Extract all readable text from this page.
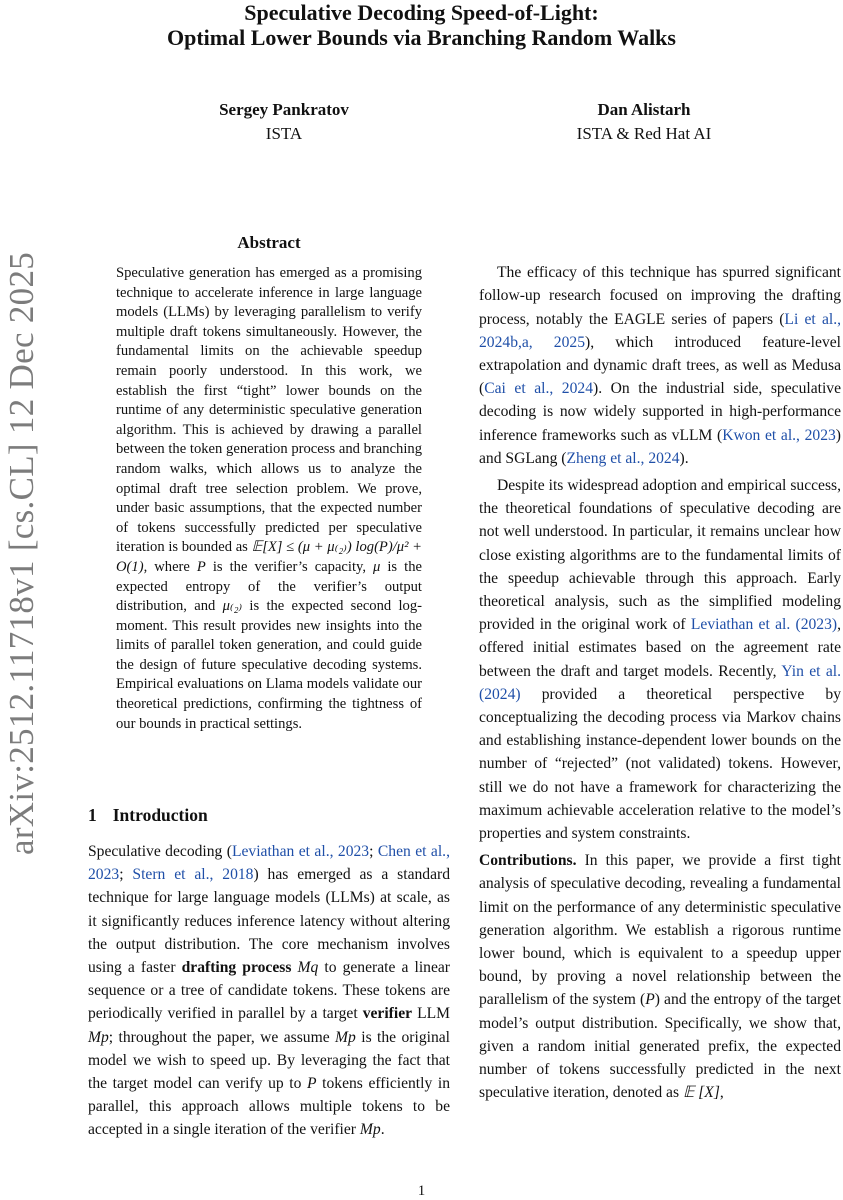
Speculative Decoding Speed-of-Light:
Optimal Lower Bounds via Branching Random Walks
Sergey Pankratov
ISTA
Dan Alistarh
ISTA & Red Hat AI
arXiv:2512.11718v1 [cs.CL] 12 Dec 2025
Abstract
Speculative generation has emerged as a promising technique to accelerate inference in large language models (LLMs) by leveraging parallelism to verify multiple draft tokens simultaneously. However, the fundamental limits on the achievable speedup remain poorly understood. In this work, we establish the first “tight” lower bounds on the runtime of any deterministic speculative generation algorithm. This is achieved by drawing a parallel between the token generation process and branching random walks, which allows us to analyze the optimal draft tree selection problem. We prove, under basic assumptions, that the expected number of tokens successfully predicted per speculative iteration is bounded as 𝔼[X] ≤ (μ + μ₍₂₎) log(P)/μ² + O(1), where P is the verifier’s capacity, μ is the expected entropy of the verifier’s output distribution, and μ₍₂₎ is the expected second log-moment. This result provides new insights into the limits of parallel token generation, and could guide the design of future speculative decoding systems. Empirical evaluations on Llama models validate our theoretical predictions, confirming the tightness of our bounds in practical settings.
1 Introduction
Speculative decoding (Leviathan et al., 2023; Chen et al., 2023; Stern et al., 2018) has emerged as a standard technique for large language models (LLMs) at scale, as it significantly reduces inference latency without altering the output distribution. The core mechanism involves using a faster drafting process Mq to generate a linear sequence or a tree of candidate tokens. These tokens are periodically verified in parallel by a target verifier LLM Mp; throughout the paper, we assume Mp is the original model we wish to speed up. By leveraging the fact that the target model can verify up to P tokens efficiently in parallel, this approach allows multiple tokens to be accepted in a single iteration of the verifier Mp.

The efficacy of this technique has spurred significant follow-up research focused on improving the drafting process, notably the EAGLE series of papers (Li et al., 2024b,a, 2025), which introduced feature-level extrapolation and dynamic draft trees, as well as Medusa (Cai et al., 2024). On the industrial side, speculative decoding is now widely supported in high-performance inference frameworks such as vLLM (Kwon et al., 2023) and SGLang (Zheng et al., 2024).

Despite its widespread adoption and empirical success, the theoretical foundations of speculative decoding are not well understood. In particular, it remains unclear how close existing algorithms are to the fundamental limits of the speedup achievable through this approach. Early theoretical analysis, such as the simplified modeling provided in the original work of Leviathan et al. (2023), offered initial estimates based on the agreement rate between the draft and target models. Recently, Yin et al. (2024) provided a theoretical perspective by conceptualizing the decoding process via Markov chains and establishing instance-dependent lower bounds on the number of “rejected” (not validated) tokens. However, still we do not have a framework for characterizing the maximum achievable acceleration relative to the model’s properties and system constraints.

Contributions. In this paper, we provide a first tight analysis of speculative decoding, revealing a fundamental limit on the performance of any deterministic speculative generation algorithm. We establish a rigorous runtime lower bound, which is equivalent to a speedup upper bound, by proving a novel relationship between the parallelism of the system (P) and the entropy of the target model’s output distribution. Specifically, we show that, given a random initial generated prefix, the expected number of tokens successfully predicted in the next speculative iteration, denoted as 𝔼 [X],

1
